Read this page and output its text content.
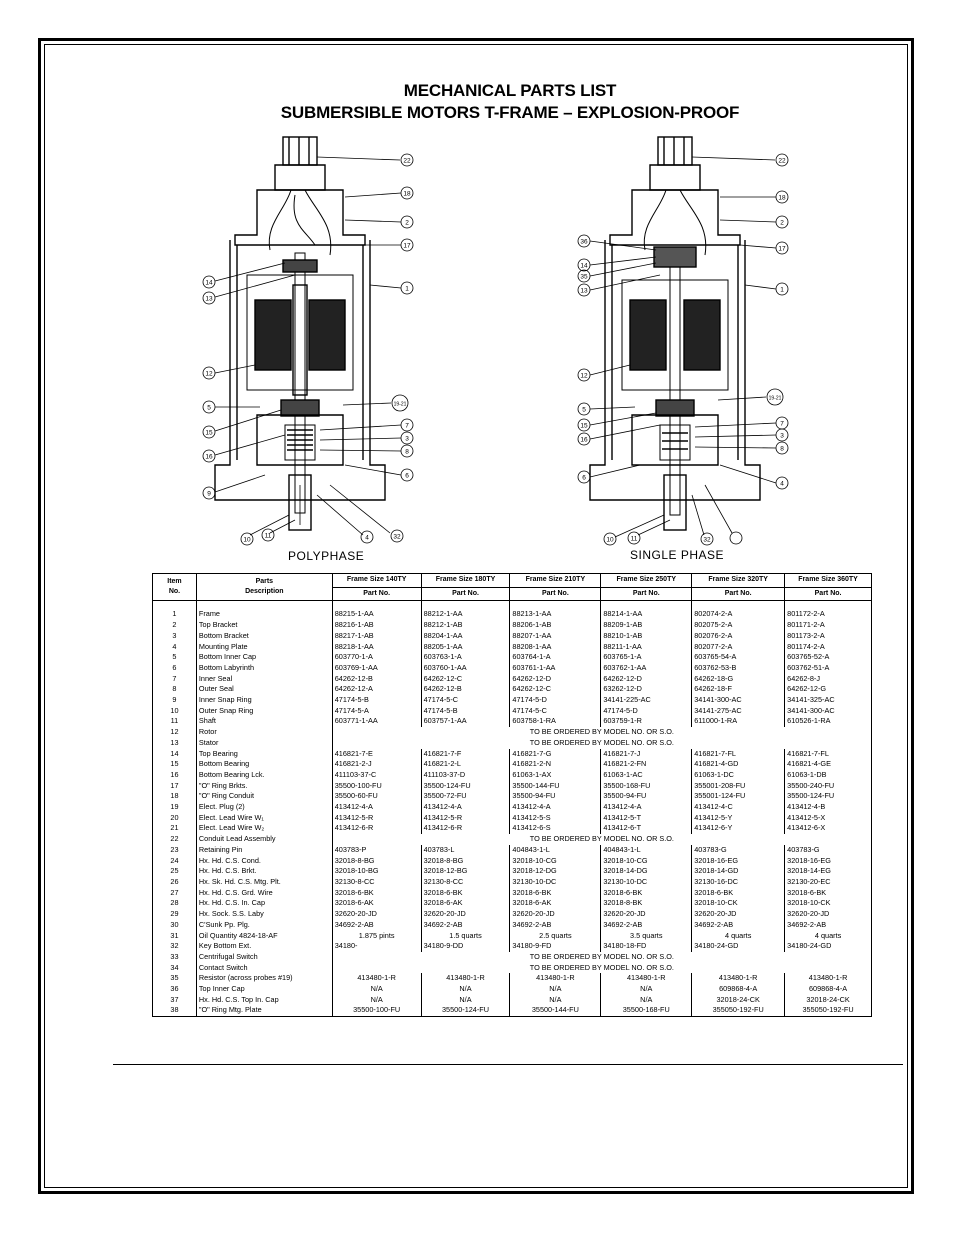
MECHANICAL PARTS LIST
SUBMERSIBLE MOTORS T-FRAME – EXPLOSION-PROOF
22
18
2
17
1
14
13
12
5
15
16
9
10
11
19-21
7
3
8
6
4	32
POLYPHASE
22
18
2
17
1
36
14
35
13
12
5
15
16
6
10	11
19-21
7
3
8
4
32
SINGLE PHASE
Item
No.	Parts
Description	Frame Size 140TY	Frame Size 180TY	Frame Size 210TY	Frame Size 250TY	Frame Size 320TY	Frame Size 360TY
		Part No.	Part No.	Part No.	Part No.	Part No.	Part No.

1	Frame	88215-1-AA	88212-1-AA	88213-1-AA	88214-1-AA	802074-2-A	801172-2-A
2	Top Bracket	88216-1-AB	88212-1-AB	88206-1-AB	88209-1-AB	802075-2-A	801171-2-A
3	Bottom Bracket	88217-1-AB	88204-1-AA	88207-1-AA	88210-1-AB	802076-2-A	801173-2-A
4	Mounting Plate	88218-1-AA	88205-1-AA	88208-1-AA	88211-1-AA	802077-2-A	801174-2-A
5	Bottom Inner Cap	603770-1-A	603763-1-A	603764-1-A	603765-1-A	603765-54-A	603765-52-A
6	Bottom Labyrinth	603769-1-AA	603760-1-AA	603761-1-AA	603762-1-AA	603762-53-B	603762-51-A
7	Inner Seal	64262-12-B	64262-12-C	64262-12-D	64262-12-D	64262-18-G	64262-8-J
8	Outer Seal	64262-12-A	64262-12-B	64262-12-C	63262-12-D	64262-18-F	64262-12-G
9	Inner Snap Ring	47174-5-B	47174-5-C	47174-5-D	34141-225-AC	34141-300-AC	34141-325-AC
10	Outer Snap Ring	47174-5-A	47174-5-B	47174-5-C	47174-5-D	34141-275-AC	34141-300-AC
11	Shaft	603771-1-AA	603757-1-AA	603758-1-RA	603759-1-R	611000-1-RA	610526-1-RA
12	Rotor	TO BE ORDERED BY MODEL NO. OR S.O.					
13	Stator	TO BE ORDERED BY MODEL NO. OR S.O.					
14	Top Bearing	416821-7-E	416821-7-F	416821-7-G	416821-7-J	416821-7-FL	416821-7-FL
15	Bottom Bearing	416821-2-J	416821-2-L	416821-2-N	416821-2-FN	416821-4-GD	416821-4-GE
16	Bottom Bearing Lck.	411103-37-C	411103-37-D	61063-1-AX	61063-1-AC	61063-1-DC	61063-1-DB
17	"O" Ring Brkts.	35500-100-FU	35500-124-FU	35500-144-FU	35500-168-FU	355001-208-FU	35500-240-FU
18	"O" Ring Conduit	35500-60-FU	35500-72-FU	35500-94-FU	35500-94-FU	355001-124-FU	35500-124-FU
19	Elect. Plug (2)	413412-4-A	413412-4-A	413412-4-A	413412-4-A	413412-4-C	413412-4-B
20	Elect. Lead Wire W₁	413412-5-R	413412-5-R	413412-5-S	413412-5-T	413412-5-Y	413412-5-X
21	Elect. Lead Wire W₂	413412-6-R	413412-6-R	413412-6-S	413412-6-T	413412-6-Y	413412-6-X
22	Conduit Lead Assembly	TO BE ORDERED BY MODEL NO. OR S.O.					
23	Retaining Pin	403783-P	403783-L	404843-1-L	404843-1-L	403783-G	403783-G
24	Hx. Hd. C.S. Cond.	32018-8-BG	32018-8-BG	32018-10-CG	32018-10-CG	32018-16-EG	32018-16-EG
25	Hx. Hd. C.S. Brkt.	32018-10-BG	32018-12-BG	32018-12-DG	32018-14-DG	32018-14-GD	32018-14-EG
26	Hx. Sk. Hd. C.S. Mtg. Plt.	32130-8-CC	32130-8-CC	32130-10-DC	32130-10-DC	32130-16-DC	32130-20-EC
27	Hx. Hd. C.S. Grd. Wire	32018-6-BK	32018-6-BK	32018-6-BK	32018-6-BK	32018-6-BK	32018-6-BK
28	Hx. Hd. C.S. In. Cap	32018-6-AK	32018-6-AK	32018-6-AK	32018-8-BK	32018-10-CK	32018-10-CK
29	Hx. Sock. S.S. Laby	32620-20-JD	32620-20-JD	32620-20-JD	32620-20-JD	32620-20-JD	32620-20-JD
30	C'Sunk Pp. Plg.	34692-2-AB	34692-2-AB	34692-2-AB	34692-2-AB	34692-2-AB	34692-2-AB
31	Oil Quantity 4824-18-AF	1.875 pints	1.5 quarts	2.5 quarts	3.5 quarts	4 quarts	4 quarts
32	Key Bottom Ext.	34180-	34180-9-DD	34180-9-FD	34180-18-FD	34180-24-GD	34180-24-GD
33	Centrifugal Switch	TO BE ORDERED BY MODEL NO. OR S.O.					
34	Contact Switch	TO BE ORDERED BY MODEL NO. OR S.O.					
35	Resistor (across probes #19)	413480-1-R	413480-1-R	413480-1-R	413480-1-R	413480-1-R	413480-1-R
36	Top Inner Cap	N/A	N/A	N/A	N/A	609868-4-A	609868-4-A
37	Hx. Hd. C.S. Top In. Cap	N/A	N/A	N/A	N/A	32018-24-CK	32018-24-CK
38	"O" Ring Mtg. Plate	35500-100-FU	35500-124-FU	35500-144-FU	35500-168-FU	355050-192-FU	355050-192-FU
